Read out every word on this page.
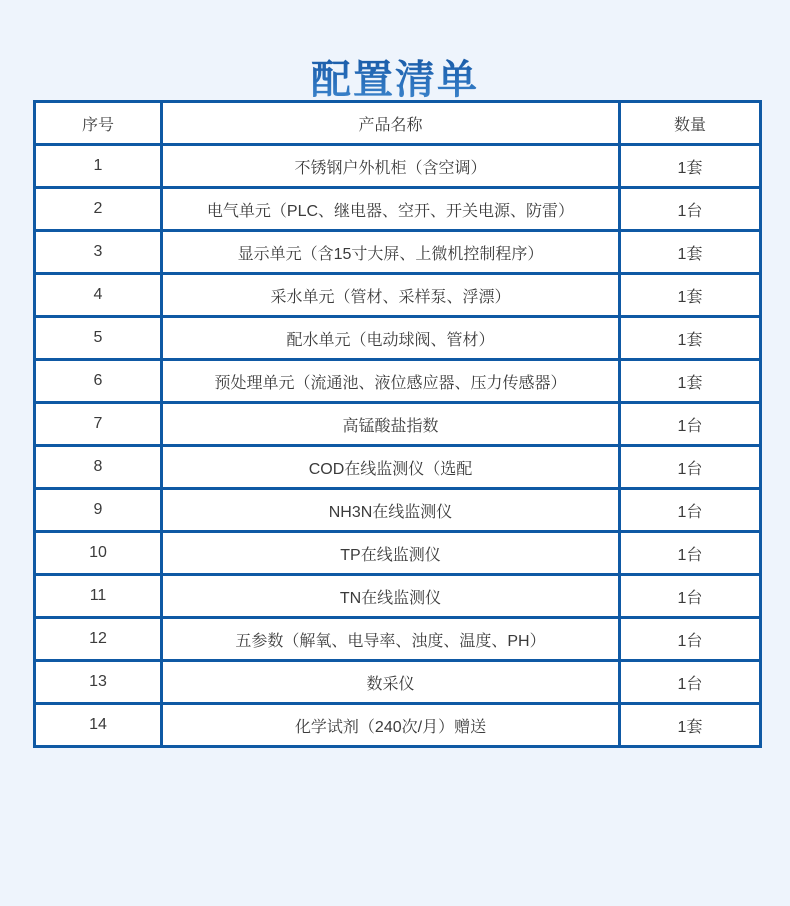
配置清单
序号	产品名称	数量
1	不锈钢户外机柜（含空调）	1套
2	电气单元（PLC、继电器、空开、开关电源、防雷）	1台
3	显示单元（含15寸大屏、上微机控制程序）	1套
4	采水单元（管材、采样泵、浮漂）	1套
5	配水单元（电动球阀、管材）	1套
6	预处理单元（流通池、液位感应器、压力传感器）	1套
7	高锰酸盐指数	1台
8	COD在线监测仪（选配	1台
9	NH3N在线监测仪	1台
10	TP在线监测仪	1台
11	TN在线监测仪	1台
12	五参数（解氧、电导率、浊度、温度、PH）	1台
13	数采仪	1台
14	化学试剂（240次/月）赠送	1套
